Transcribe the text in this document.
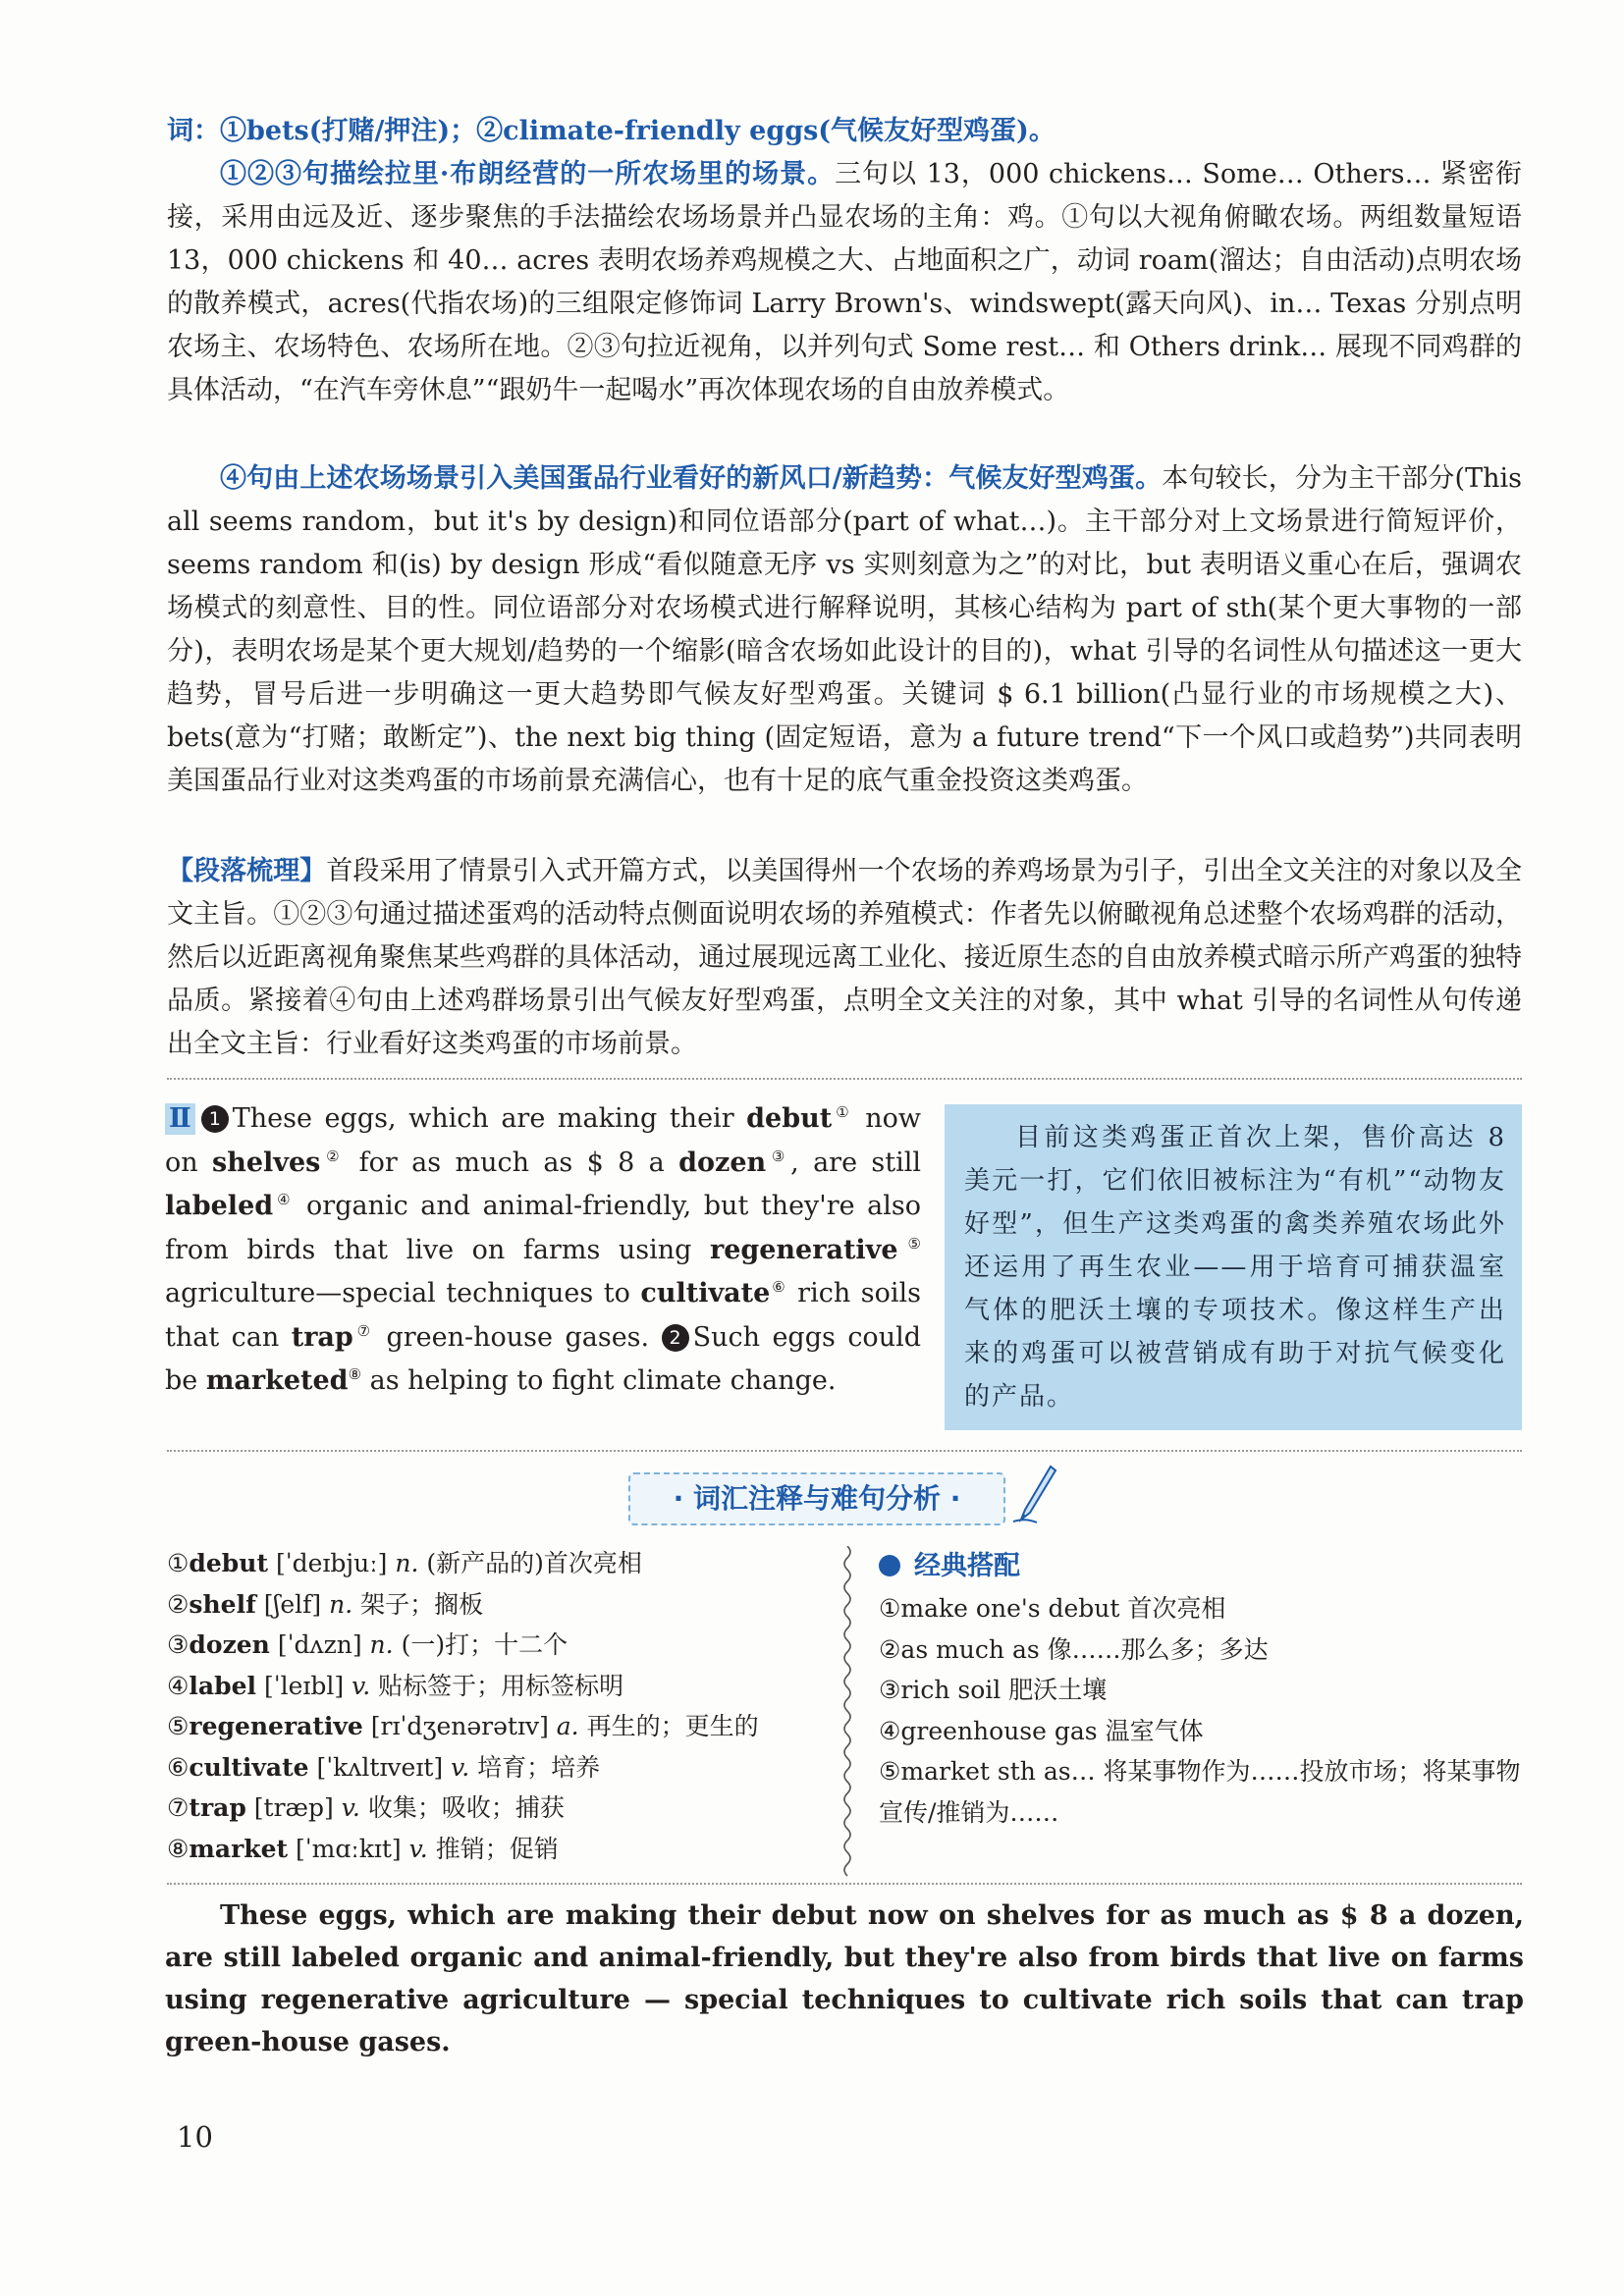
词：①bets(打赌/押注)；②climate-friendly eggs(气候友好型鸡蛋)。

①②③句描绘拉里·布朗经营的一所农场里的场景。三句以 13，000 chickens… Some… Others… 紧密衔接，采用由远及近、逐步聚焦的手法描绘农场场景并凸显农场的主角：鸡。①句以大视角俯瞰农场。两组数量短语 13，000 chickens 和 40… acres 表明农场养鸡规模之大、占地面积之广，动词 roam(溜达；自由活动)点明农场的散养模式，acres(代指农场)的三组限定修饰词 Larry Brown's、windswept(露天向风)、in… Texas 分别点明农场主、农场特色、农场所在地。②③句拉近视角，以并列句式 Some rest… 和 Others drink… 展现不同鸡群的具体活动，“在汽车旁休息”“跟奶牛一起喝水”再次体现农场的自由放养模式。

④句由上述农场场景引入美国蛋品行业看好的新风口/新趋势：气候友好型鸡蛋。本句较长，分为主干部分(This all seems random，but it's by design)和同位语部分(part of what…)。主干部分对上文场景进行简短评价，seems random 和(is) by design 形成“看似随意无序 vs 实则刻意为之”的对比，but 表明语义重心在后，强调农场模式的刻意性、目的性。同位语部分对农场模式进行解释说明，其核心结构为 part of sth(某个更大事物的一部分)，表明农场是某个更大规划/趋势的一个缩影(暗含农场如此设计的目的)，what 引导的名词性从句描述这一更大趋势，冒号后进一步明确这一更大趋势即气候友好型鸡蛋。关键词 $ 6.1 billion(凸显行业的市场规模之大)、bets(意为“打赌；敢断定”)、the next big thing (固定短语，意为 a future trend“下一个风口或趋势”)共同表明美国蛋品行业对这类鸡蛋的市场前景充满信心，也有十足的底气重金投资这类鸡蛋。

【段落梳理】首段采用了情景引入式开篇方式，以美国得州一个农场的养鸡场景为引子，引出全文关注的对象以及全文主旨。①②③句通过描述蛋鸡的活动特点侧面说明农场的养殖模式：作者先以俯瞰视角总述整个农场鸡群的活动，然后以近距离视角聚焦某些鸡群的具体活动，通过展现远离工业化、接近原生态的自由放养模式暗示所产鸡蛋的独特品质。紧接着④句由上述鸡群场景引出气候友好型鸡蛋，点明全文关注的对象，其中 what 引导的名词性从句传递出全文主旨：行业看好这类鸡蛋的市场前景。

Ⅱ 1 These eggs, which are making their debut① now on shelves② for as much as $ 8 a dozen③, are still labeled④ organic and animal-friendly, but they're also from birds that live on farms using regenerative⑤ agriculture—special techniques to cultivate⑥ rich soils that can trap⑦ green-house gases. 2 Such eggs could be marketed⑧ as helping to fight climate change.

目前这类鸡蛋正首次上架，售价高达 8 美元一打，它们依旧被标注为“有机”“动物友好型”，但生产这类鸡蛋的禽类养殖农场此外还运用了再生农业——用于培育可捕获温室气体的肥沃土壤的专项技术。像这样生产出来的鸡蛋可以被营销成有助于对抗气候变化的产品。

· 词汇注释与难句分析 ·
①debut [ˈdeɪbjuː] n. (新产品的)首次亮相
②shelf [ʃelf] n. 架子；搁板
③dozen [ˈdʌzn] n. (一)打；十二个
④label [ˈleɪbl] v. 贴标签于；用标签标明
⑤regenerative [rɪˈdʒenərətɪv] a. 再生的；更生的
⑥cultivate [ˈkʌltɪveɪt] v. 培育；培养
⑦trap [træp] v. 收集；吸收；捕获
⑧market [ˈmɑːkɪt] v. 推销；促销
经典搭配
①make one's debut 首次亮相
②as much as 像……那么多；多达
③rich soil 肥沃土壤
④greenhouse gas 温室气体
⑤market sth as… 将某事物作为……投放市场；将某事物宣传/推销为……

These eggs, which are making their debut now on shelves for as much as $ 8 a dozen, are still labeled organic and animal-friendly, but they're also from birds that live on farms using regenerative agriculture — special techniques to cultivate rich soils that can trap green-house gases.

10
